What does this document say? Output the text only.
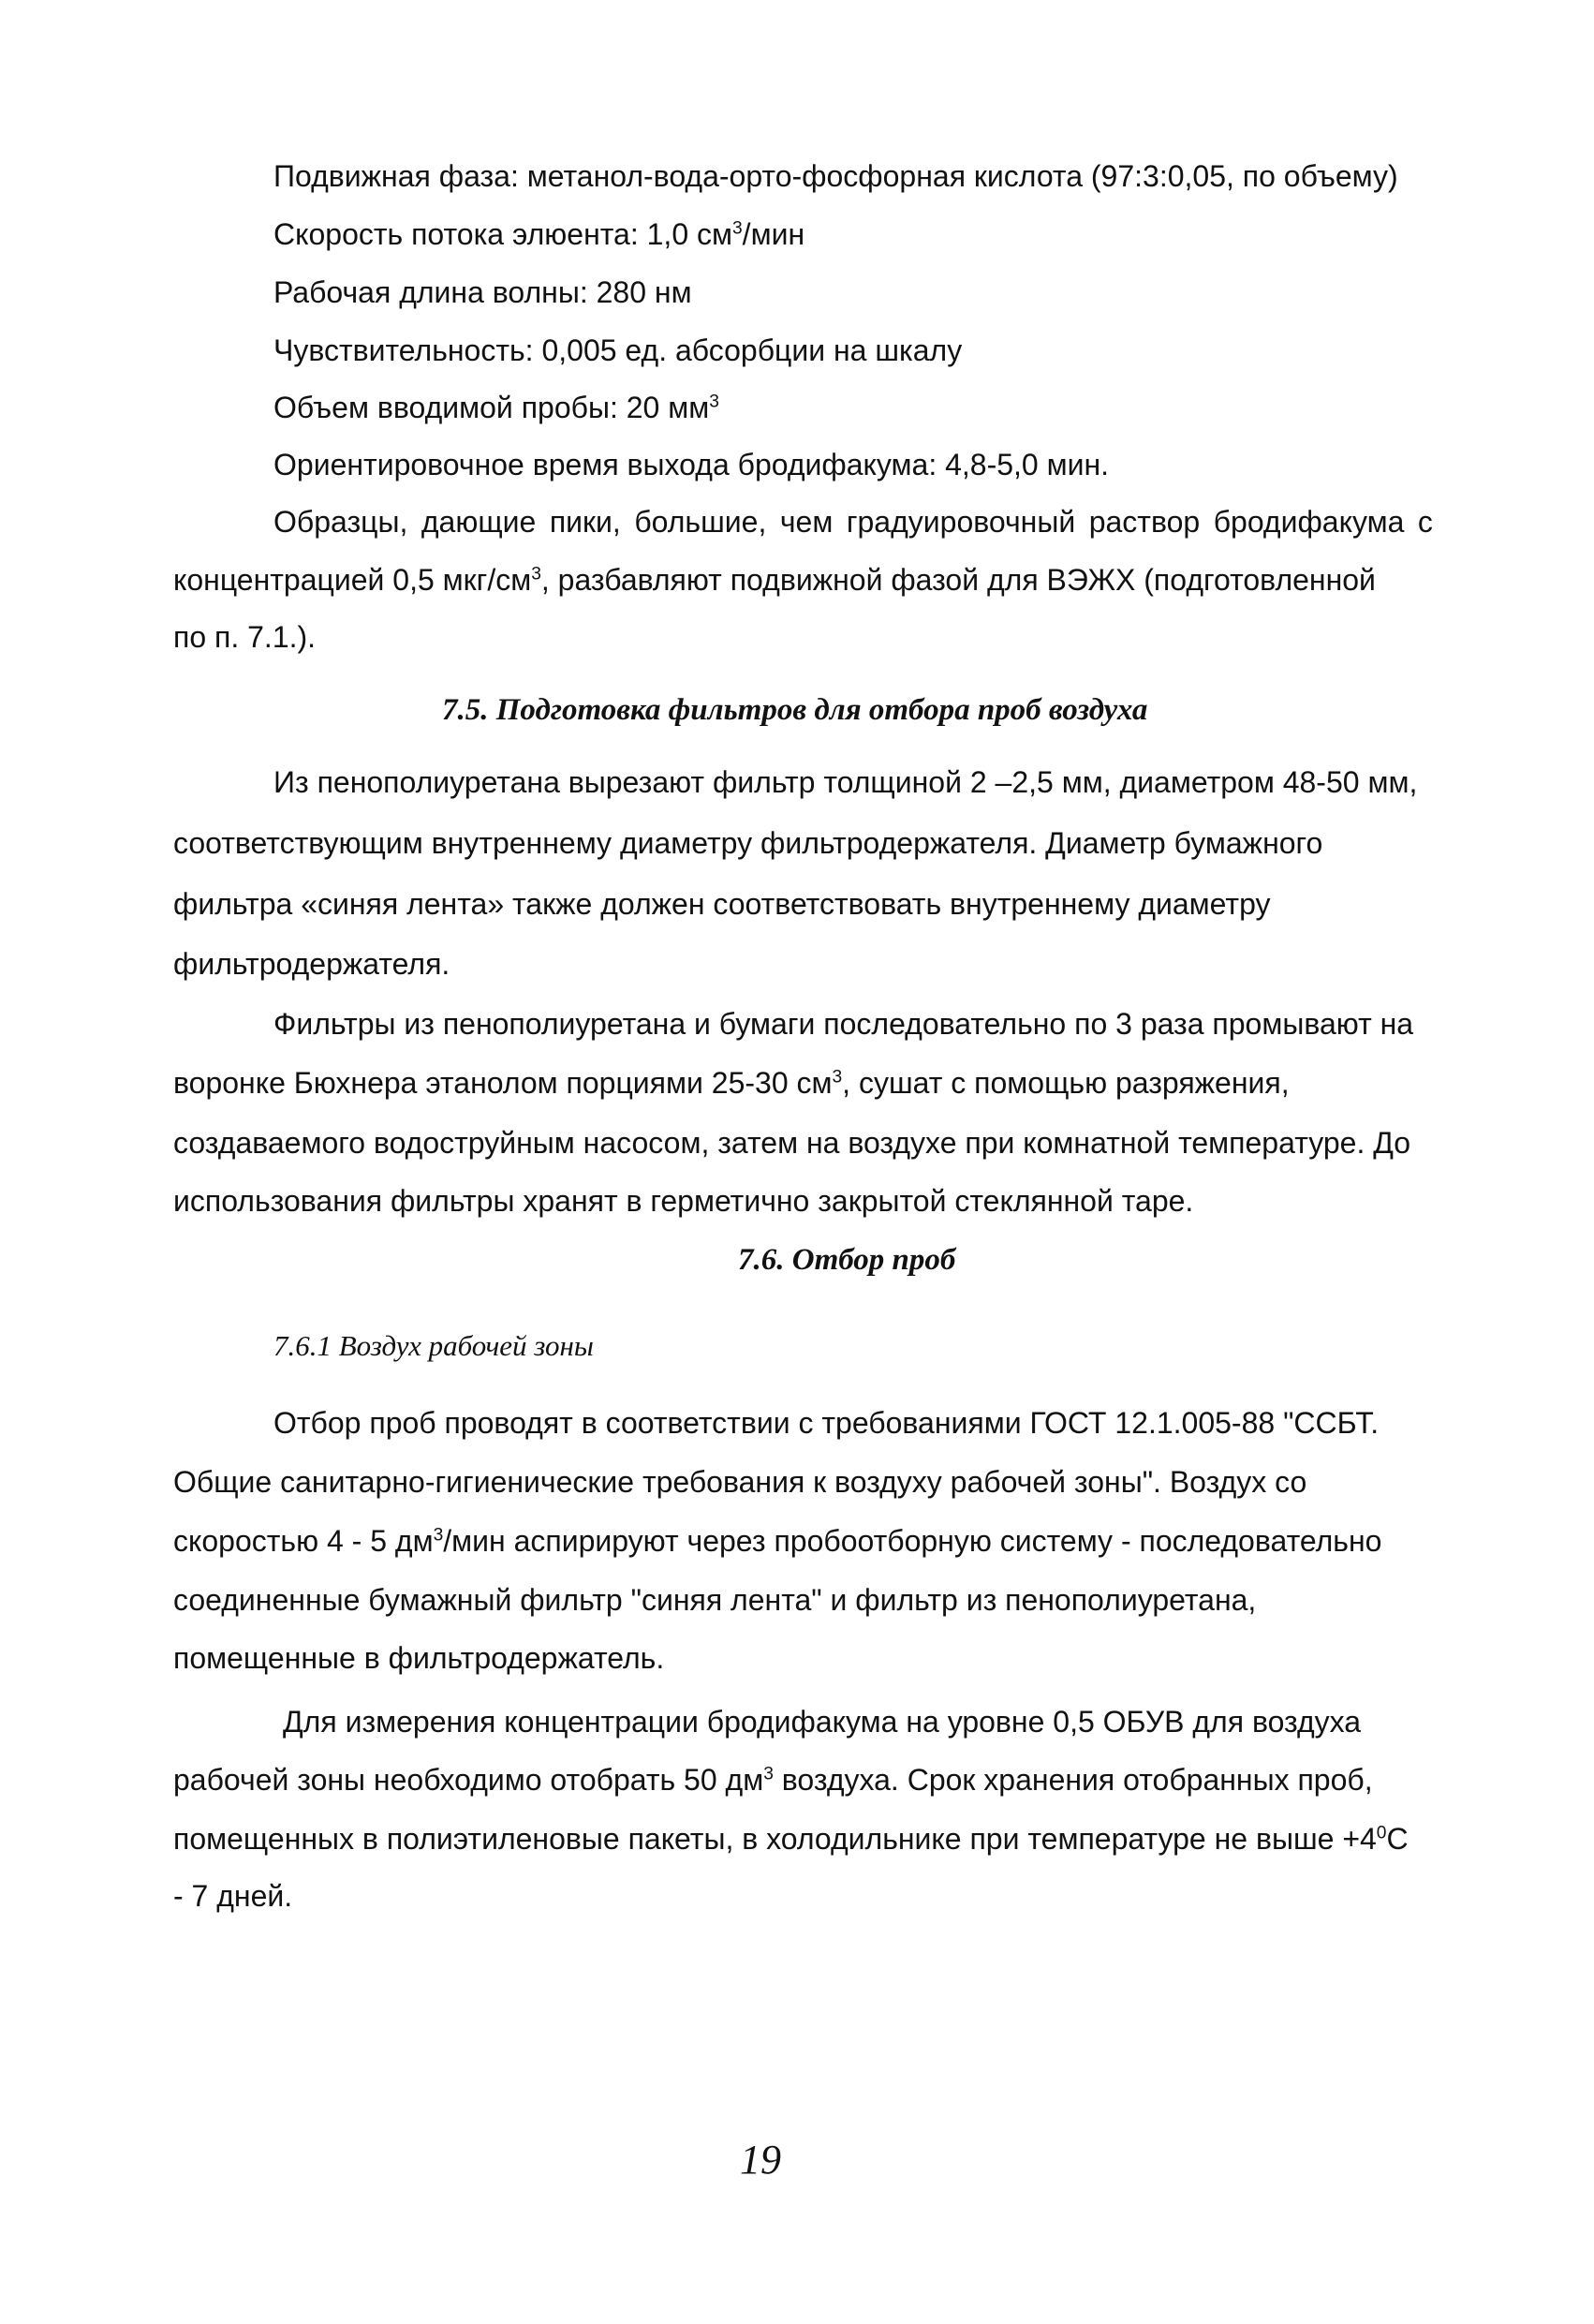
Подвижная фаза: метанол-вода-орто-фосфорная кислота (97:3:0,05, по объему)
Скорость потока элюента: 1,0 $см^3$/мин
Рабочая длина волны: 280 нм
Чувствительность: 0,005 ед. абсорбции на шкалу
Объем вводимой пробы: 20 $мм^3$
Ориентировочное время выхода бродифакума: 4,8-5,0 мин.
Образцы, дающие пики, большие, чем градуировочный раствор бродифакума с
концентрацией 0,5 мкг/$см^3$, разбавляют подвижной фазой для ВЭЖХ (подготовленной
по п. 7.1.).
7.5. Подготовка фильтров для отбора проб воздуха
Из пенополиуретана вырезают фильтр толщиной 2 –2,5 мм, диаметром 48-50 мм,
соответствующим внутреннему диаметру фильтродержателя. Диаметр бумажного
фильтра «синяя лента» также должен соответствовать внутреннему диаметру
фильтродержателя.
Фильтры из пенополиуретана и бумаги последовательно по 3 раза промывают на
воронке Бюхнера этанолом порциями 25-30 $см^3$, сушат с помощью разряжения,
создаваемого водоструйным насосом, затем на воздухе при комнатной температуре. До
использования фильтры хранят в герметично закрытой стеклянной таре.
7.6. Отбор проб
7.6.1 Воздух рабочей зоны
Отбор проб проводят в соответствии с требованиями ГОСТ 12.1.005-88 "ССБТ.
Общие санитарно-гигиенические требования к воздуху рабочей зоны". Воздух со
скоростью 4 - 5 $дм^3$/мин аспирируют через пробоотборную систему - последовательно
соединенные бумажный фильтр "синяя лента" и фильтр из пенополиуретана,
помещенные в фильтродержатель.
Для измерения концентрации бродифакума на уровне 0,5 ОБУВ для воздуха
рабочей зоны необходимо отобрать 50 $дм^3$ воздуха. Срок хранения отобранных проб,
помещенных в полиэтиленовые пакеты, в холодильнике при температуре не выше $+4^0С$
- 7 дней.
19
